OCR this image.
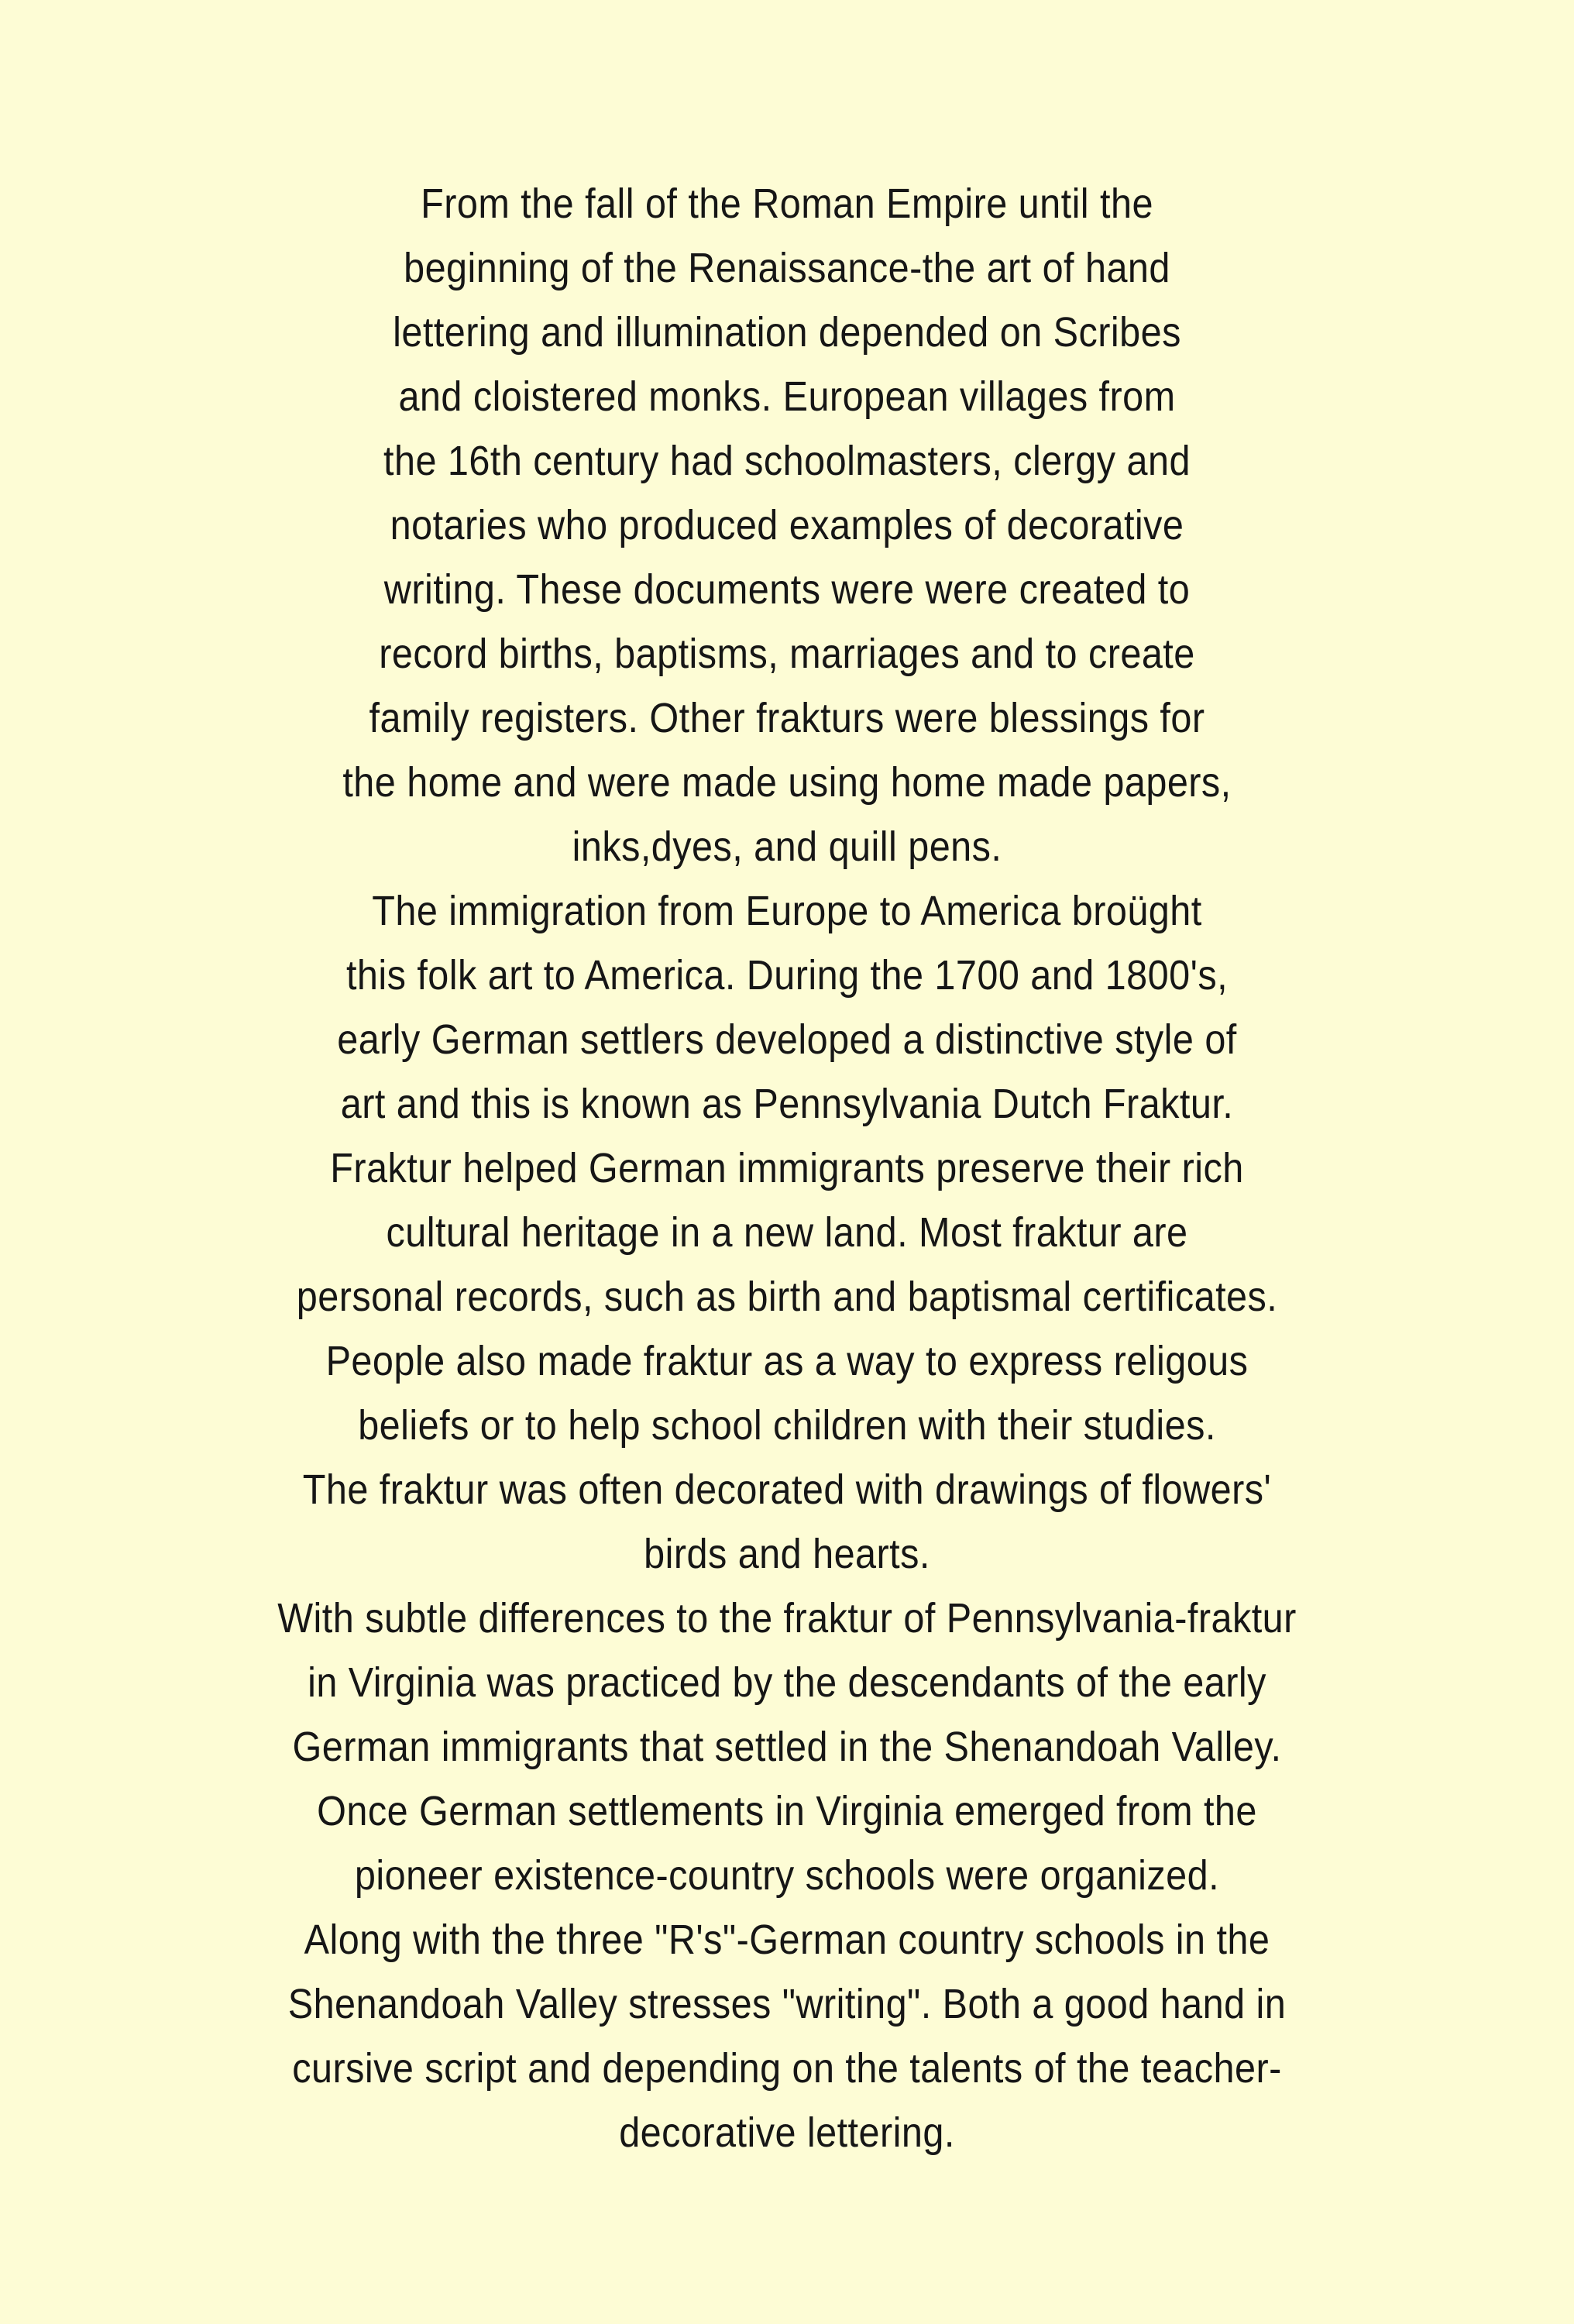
From the fall of the Roman Empire until the
beginning of the Renaissance-the art of hand
lettering and illumination depended on Scribes
and cloistered monks. European villages from
the 16th century had schoolmasters, clergy and
notaries who produced examples of decorative
writing. These documents were were created to
record births, baptisms, marriages and to create
family registers. Other frakturs were blessings for
the home and were made using home made papers,
inks,dyes, and quill pens.
The immigration from Europe to America broüght
this folk art to America. During the 1700 and 1800's,
early German settlers developed a distinctive style of
art and this is known as Pennsylvania Dutch Fraktur.
Fraktur helped German immigrants preserve their rich
cultural heritage in a new land. Most fraktur are
personal records, such as birth and baptismal certificates.
People also made fraktur as a way to express religous
beliefs or to help school children with their studies.
The fraktur was often decorated with drawings of flowers'
birds and hearts.
With subtle differences to the fraktur of Pennsylvania-fraktur
in Virginia was practiced by the descendants of the early
German immigrants that settled in the Shenandoah Valley.
Once German settlements in Virginia emerged from the
pioneer existence-country schools were organized.
Along with the three "R's"-German country schools in the
Shenandoah Valley stresses "writing". Both a good hand in
cursive script and depending on the talents of the teacher-
decorative lettering.
